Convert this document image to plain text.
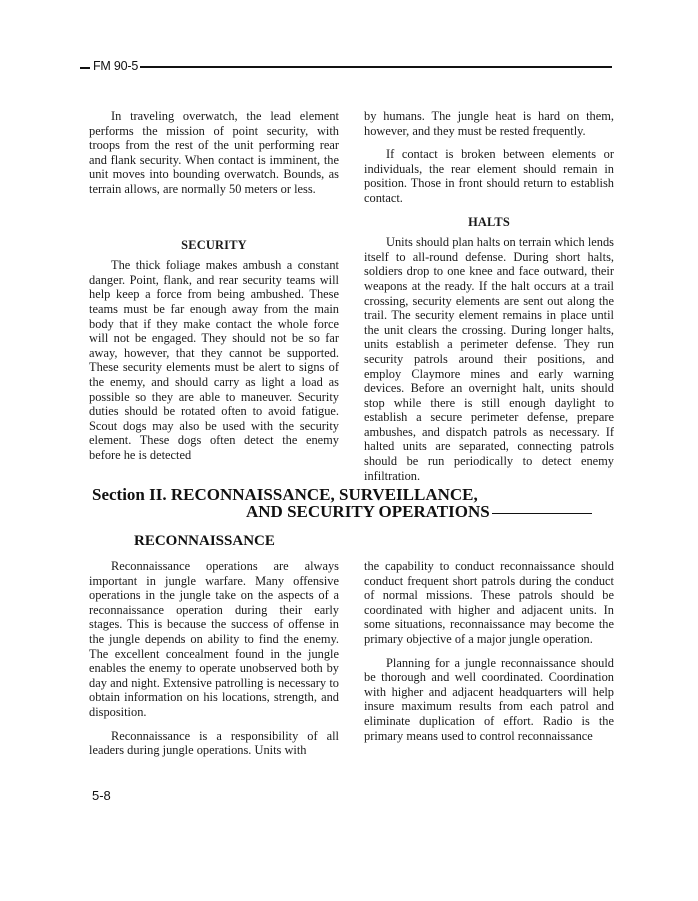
FM 90-5

In traveling overwatch, the lead element performs the mission of point security, with troops from the rest of the unit performing rear and flank security. When contact is imminent, the unit moves into bounding overwatch. Bounds, as terrain allows, are normally 50 meters or less.

SECURITY

The thick foliage makes ambush a constant danger. Point, flank, and rear security teams will help keep a force from being ambushed. These teams must be far enough away from the main body that if they make contact the whole force will not be engaged. They should not be so far away, however, that they cannot be supported. These security elements must be alert to signs of the enemy, and should carry as light a load as possible so they are able to maneuver. Security duties should be rotated often to avoid fatigue. Scout dogs may also be used with the security element. These dogs often detect the enemy before he is detected

by humans. The jungle heat is hard on them, however, and they must be rested frequently.

If contact is broken between elements or individuals, the rear element should remain in position. Those in front should return to establish contact.

HALTS

Units should plan halts on terrain which lends itself to all-round defense. During short halts, soldiers drop to one knee and face outward, their weapons at the ready. If the halt occurs at a trail crossing, security elements are sent out along the trail. The security element remains in place until the unit clears the crossing. During longer halts, units establish a perimeter defense. They run security patrols around their positions, and employ Claymore mines and early warning devices. Before an overnight halt, units should stop while there is still enough daylight to establish a secure perimeter defense, prepare ambushes, and dispatch patrols as necessary. If halted units are separated, connecting patrols should be run periodically to detect enemy infiltration.

Section II. RECONNAISSANCE, SURVEILLANCE,
AND SECURITY OPERATIONS
RECONNAISSANCE

Reconnaissance operations are always important in jungle warfare. Many offensive operations in the jungle take on the aspects of a reconnaissance operation during their early stages. This is because the success of offense in the jungle depends on ability to find the enemy. The excellent concealment found in the jungle enables the enemy to operate unobserved both by day and night. Extensive patrolling is necessary to obtain information on his locations, strength, and disposition.

Reconnaissance is a responsibility of all leaders during jungle operations. Units with

the capability to conduct reconnaissance should conduct frequent short patrols during the conduct of normal missions. These patrols should be coordinated with higher and adjacent units. In some situations, reconnaissance may become the primary objective of a major jungle operation.

Planning for a jungle reconnaissance should be thorough and well coordinated. Coordination with higher and adjacent headquarters will help insure maximum results from each patrol and eliminate duplication of effort. Radio is the primary means used to control reconnaissance

5-8
